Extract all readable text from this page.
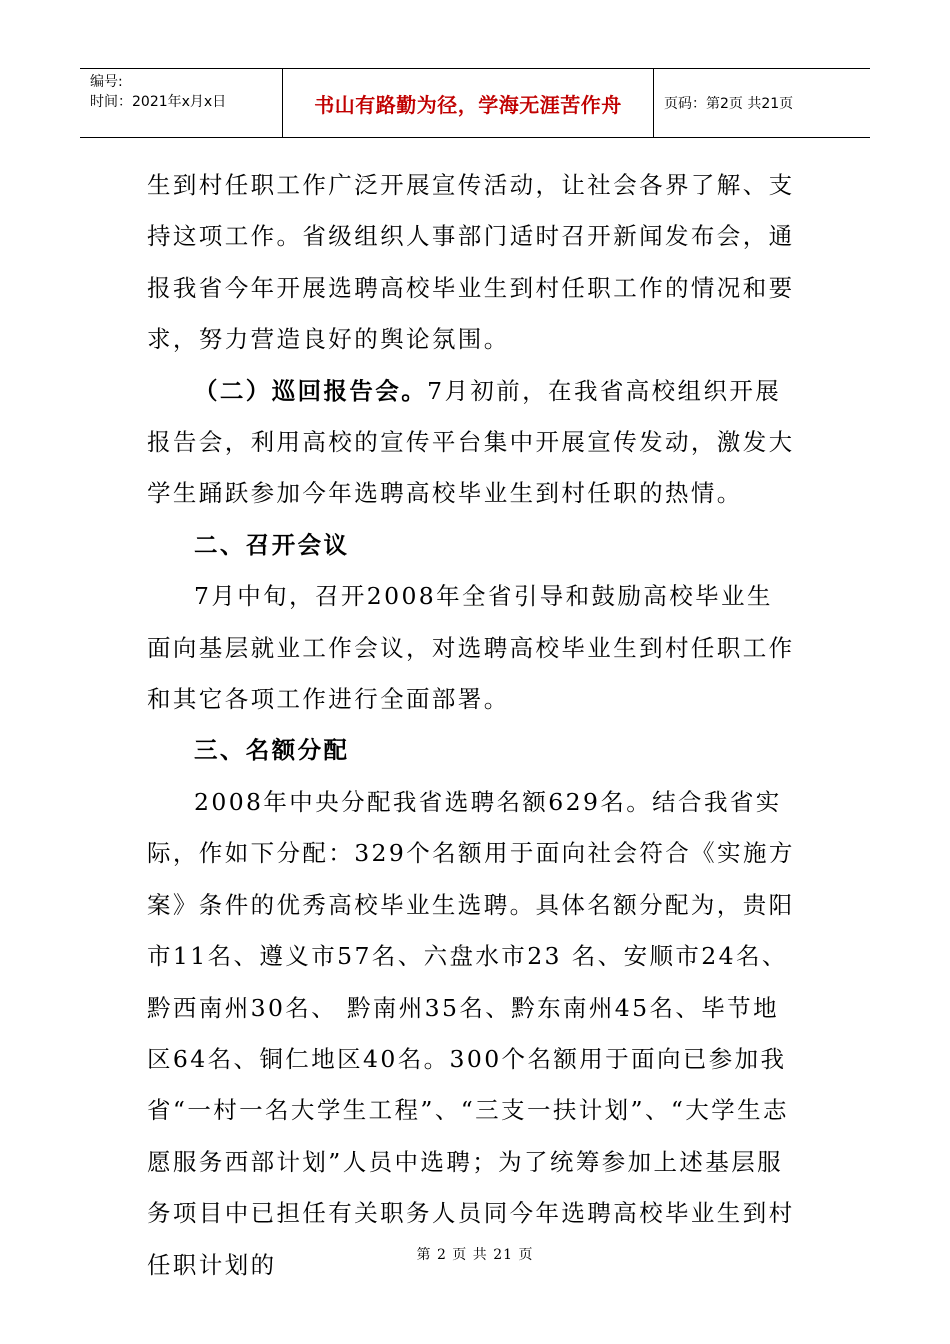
编号:
时间：2021年x月x日	书山有路勤为径，学海无涯苦作舟	页码：第2页 共21页

生到村任职工作广泛开展宣传活动，让社会各界了解、支持这项工作。省级组织人事部门适时召开新闻发布会，通报我省今年开展选聘高校毕业生到村任职工作的情况和要求，努力营造良好的舆论氛围。

（二）巡回报告会。7月初前，在我省高校组织开展报告会，利用高校的宣传平台集中开展宣传发动，激发大学生踊跃参加今年选聘高校毕业生到村任职的热情。

二、召开会议

7月中旬，召开2008年全省引导和鼓励高校毕业生面向基层就业工作会议，对选聘高校毕业生到村任职工作和其它各项工作进行全面部署。

三、名额分配

2008年中央分配我省选聘名额629名。结合我省实际，作如下分配：329个名额用于面向社会符合《实施方案》条件的优秀高校毕业生选聘。具体名额分配为，贵阳市11名、遵义市57名、六盘水市23 名、安顺市24名、黔西南州30名、 黔南州35名、黔东南州45名、毕节地区64名、铜仁地区40名。300个名额用于面向已参加我省“一村一名大学生工程”、“三支一扶计划”、“大学生志愿服务西部计划”人员中选聘；为了统筹参加上述基层服务项目中已担任有关职务人员同今年选聘高校毕业生到村任职计划的	第 2 页 共 21 页
